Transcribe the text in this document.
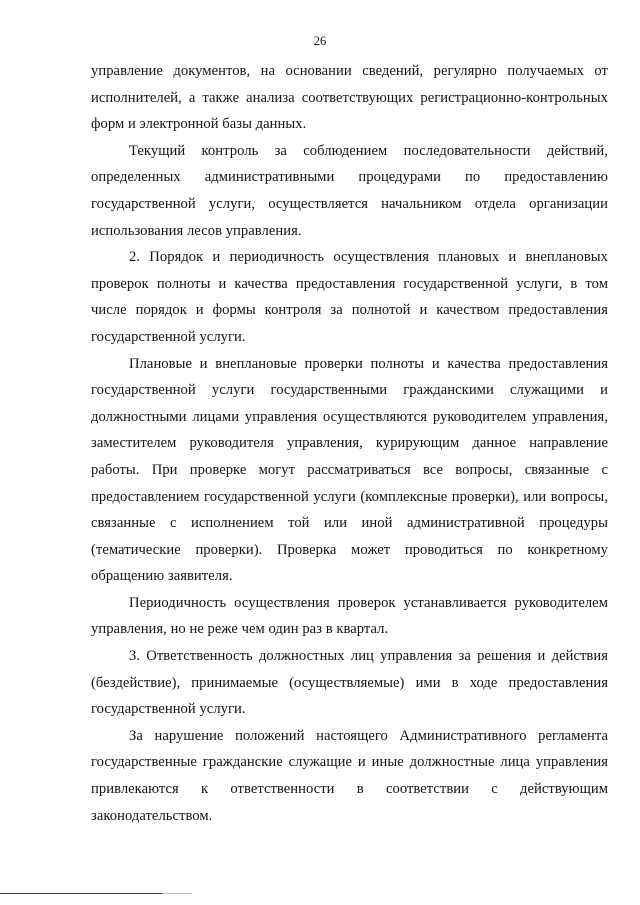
26

управление документов, на основании сведений, регулярно получаемых от исполнителей, а также анализа соответствующих регистрационно-контрольных форм и электронной базы данных.

Текущий контроль за соблюдением последовательности действий, определенных административными процедурами по предоставлению государственной услуги, осуществляется начальником отдела организации использования лесов управления.

2. Порядок и периодичность осуществления плановых и внеплановых проверок полноты и качества предоставления государственной услуги, в том числе порядок и формы контроля за полнотой и качеством предоставления государственной услуги.

Плановые и внеплановые проверки полноты и качества предоставления государственной услуги государственными гражданскими служащими и должностными лицами управления осуществляются руководителем управления, заместителем руководителя управления, курирующим данное направление работы. При проверке могут рассматриваться все вопросы, связанные с предоставлением государственной услуги (комплексные проверки), или вопросы, связанные с исполнением той или иной административной процедуры (тематические проверки). Проверка может проводиться по конкретному обращению заявителя.

Периодичность осуществления проверок устанавливается руководителем управления, но не реже чем один раз в квартал.

3. Ответственность должностных лиц управления за решения и действия (бездействие), принимаемые (осуществляемые) ими в ходе предоставления государственной услуги.

За нарушение положений настоящего Административного регламента государственные гражданские служащие и иные должностные лица управления привлекаются к ответственности в соответствии с действующим законодательством.
